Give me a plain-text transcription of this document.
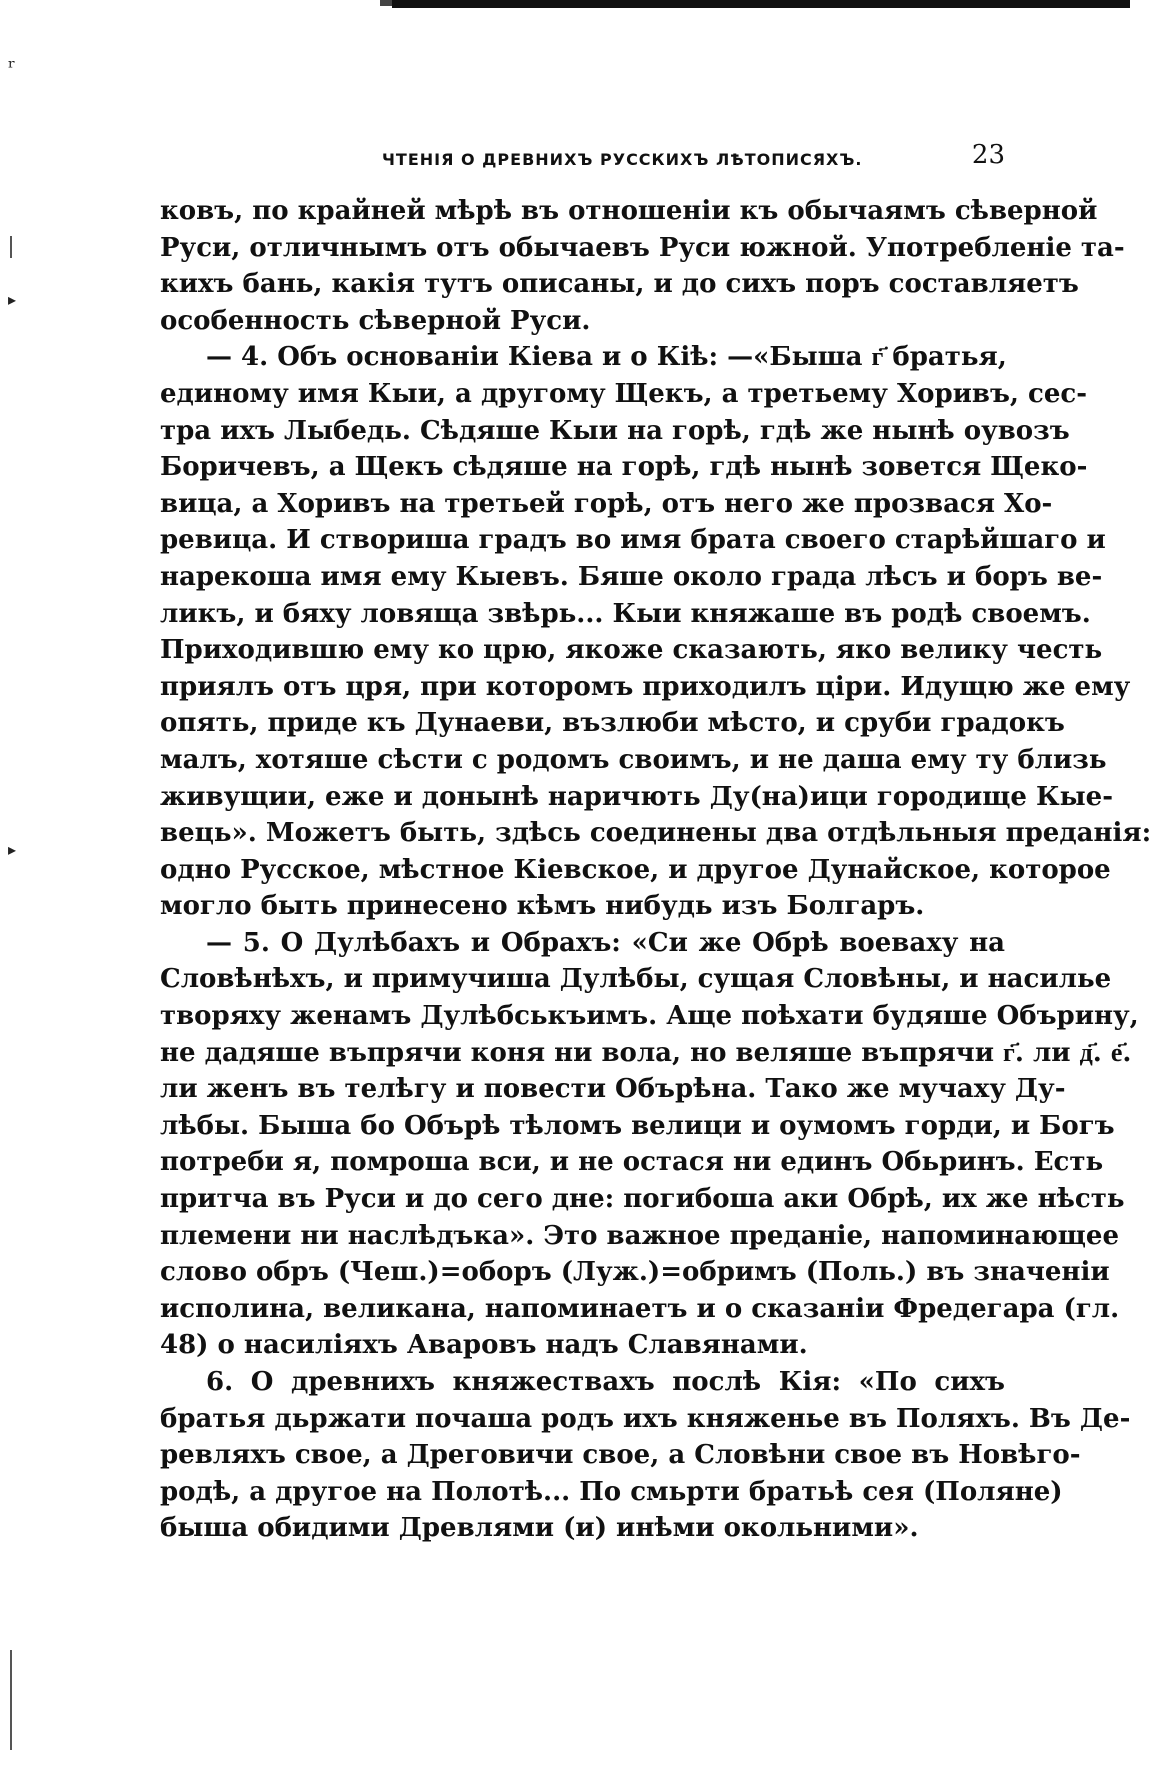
ʳ
▸
▸
ЧТЕНІЯ О ДРЕВНИХЪ РУССКИХЪ ЛѢТОПИСЯХЪ.	23
ковъ, по крайней мѣрѣ въ отношеніи къ обычаямъ сѣверной
Руси, отличнымъ отъ обычаевъ Руси южной. Употребленіе та-
кихъ бань, какія тутъ описаны, и до сихъ поръ составляетъ
особенность сѣверной Руси.
— 4. Объ основаніи Кіева и о Кіѣ: —«Быша г҃ братья,
единому имя Кыи, а другому Щекъ, а третьему Хоривъ, сес-
тра ихъ Лыбедь. Сѣдяше Кыи на горѣ, гдѣ же нынѣ оувозъ
Боричевъ, а Щекъ сѣдяше на горѣ, гдѣ нынѣ зовется Щеко-
вица, а Хоривъ на третьей горѣ, отъ него же прозвася Хо-
ревица. И створиша градъ во имя брата своего старѣйшаго и
нарекоша имя ему Кыевъ. Бяше около града лѣсъ и боръ ве-
ликъ, и бяху ловяща звѣрь... Кыи княжаше въ родѣ своемъ.
Приходившю ему ко црю, якоже сказають, яко велику честь
приялъ отъ цря, при которомъ приходилъ ціри. Идущю же ему
опять, приде къ Дунаеви, възлюби мѣсто, и сруби градокъ
малъ, хотяше сѣсти с родомъ своимъ, и не даша ему ту близь
живущии, еже и донынѣ наричють Ду(на)ици городище Кые-
вець». Можетъ быть, здѣсь соединены два отдѣльныя преданія:
одно Русское, мѣстное Кіевское, и другое Дунайское, которое
могло быть принесено кѣмъ нибудь изъ Болгаръ.
— 5. О Дулѣбахъ и Обрахъ: «Си же Обрѣ воеваху на
Словѣнѣхъ, и примучиша Дулѣбы, сущая Словѣны, и насилье
творяху женамъ Дулѣбськъимъ. Аще поѣхати будяше Обърину,
не дадяше въпрячи коня ни вола, но веляше въпрячи г҃. ли д҃. е҃.
ли женъ въ телѣгу и повести Обърѣна. Тако же мучаху Ду-
лѣбы. Быша бо Обърѣ тѣломъ велици и оумомъ горди, и Богъ
потреби я, помроша вси, и не остася ни единъ Обьринъ. Есть
притча въ Руси и до сего дне: погибоша аки Обрѣ, их же нѣсть
племени ни наслѣдъка». Это важное преданіе, напоминающее
слово обръ (Чеш.)=оборъ (Луж.)=обримъ (Поль.) въ значеніи
исполина, великана, напоминаетъ и о сказаніи Фредегара (гл.
48) о насиліяхъ Аваровъ надъ Славянами.
6. О древнихъ княжествахъ послѣ Кія: «По сихъ
братья дьржати почаша родъ ихъ княженье въ Поляхъ. Въ Де-
ревляхъ свое, а Дреговичи свое, а Словѣни свое въ Новѣго-
родѣ, а другое на Полотѣ... По смьрти братьѣ сея (Поляне)
быша обидими Древлями (и) инѣми окольними».
